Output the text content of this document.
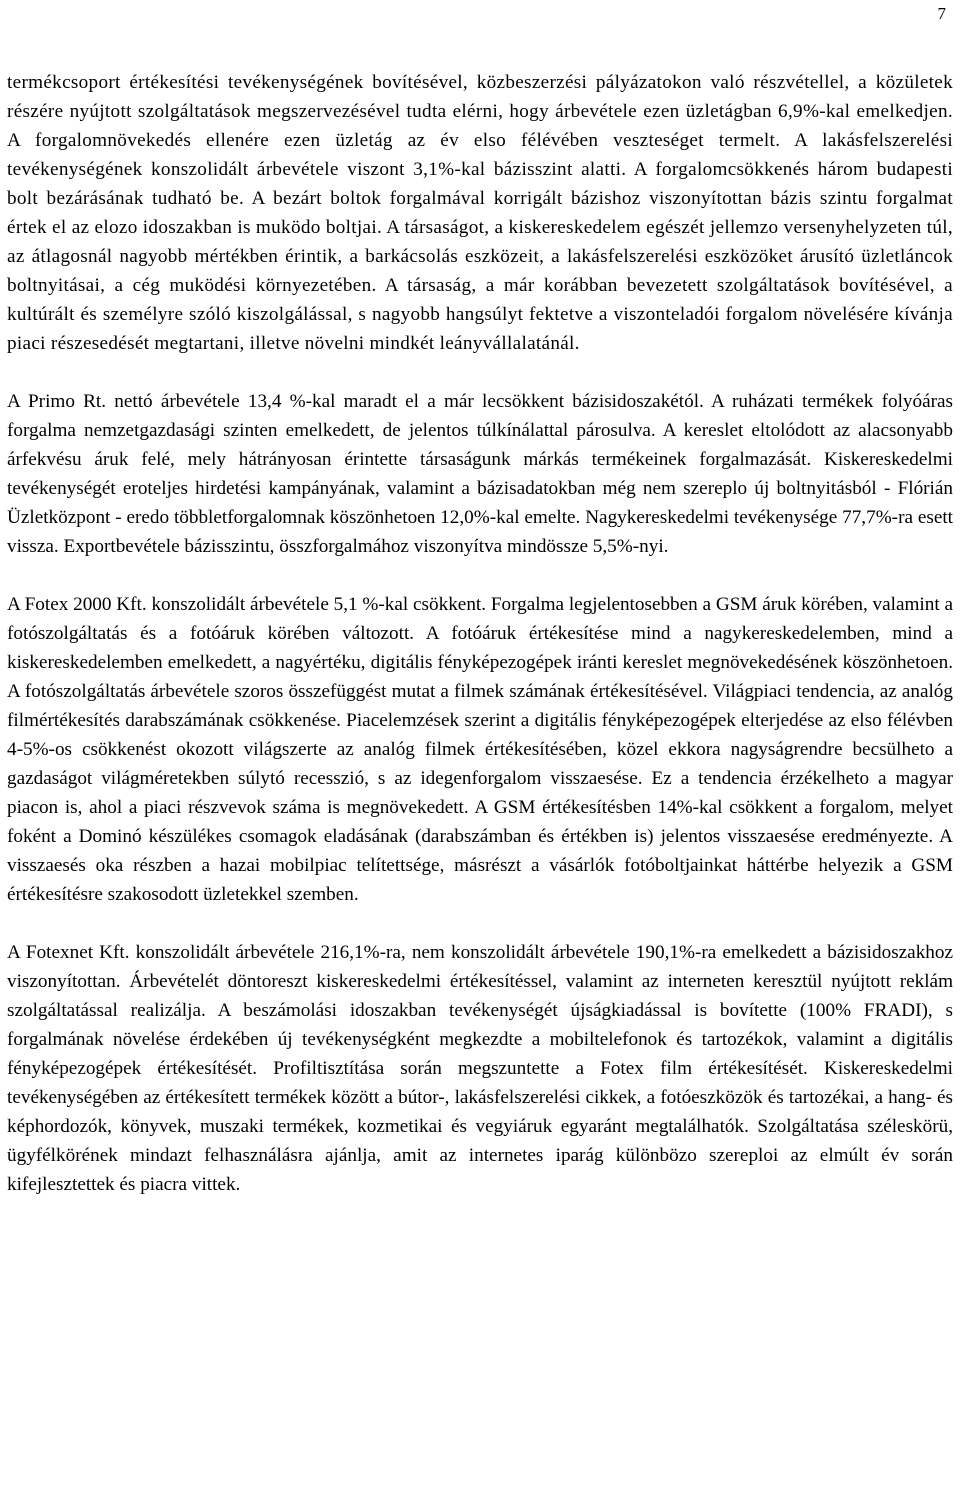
7

termékcsoport értékesítési tevékenységének bovítésével, közbeszerzési pályázatokon való részvétellel, a közületek részére nyújtott szolgáltatások megszervezésével tudta elérni, hogy árbevétele ezen üzletágban 6,9%-kal emelkedjen. A forgalomnövekedés ellenére ezen üzletág az év elso félévében veszteséget termelt. A lakásfelszerelési tevékenységének konszolidált árbevétele viszont 3,1%-kal bázisszint alatti. A forgalomcsökkenés három budapesti bolt bezárásának tudható be. A bezárt boltok forgalmával korrigált bázishoz viszonyítottan bázis szintu forgalmat értek el az elozo idoszakban is muködo boltjai. A társaságot, a kiskereskedelem egészét jellemzo versenyhelyzeten túl, az átlagosnál nagyobb mértékben érintik, a barkácsolás eszközeit, a lakásfelszerelési eszközöket árusító üzletláncok boltnyitásai, a cég muködési környezetében. A társaság, a már korábban bevezetett szolgáltatások bovítésével, a kultúrált és személyre szóló kiszolgálással, s nagyobb hangsúlyt fektetve a viszonteladói forgalom növelésére kívánja piaci részesedését megtartani, illetve növelni mindkét leányvállalatánál.

A Primo Rt. nettó árbevétele 13,4 %-kal maradt el a már lecsökkent bázisidoszakétól. A ruházati termékek folyóáras forgalma nemzetgazdasági szinten emelkedett, de jelentos túlkínálattal párosulva. A kereslet eltolódott az alacsonyabb árfekvésu áruk felé, mely hátrányosan érintette társaságunk márkás termékeinek forgalmazását. Kiskereskedelmi tevékenységét eroteljes hirdetési kampányának, valamint a bázisadatokban még nem szereplo új boltnyitásból - Flórián Üzletközpont - eredo többletforgalomnak köszönhetoen 12,0%-kal emelte. Nagykereskedelmi tevékenysége 77,7%-ra esett vissza. Exportbevétele bázisszintu, összforgalmához viszonyítva mindössze 5,5%-nyi.

A Fotex 2000 Kft. konszolidált árbevétele 5,1 %-kal csökkent. Forgalma legjelentosebben a GSM áruk körében, valamint a fotószolgáltatás és a fotóáruk körében változott. A fotóáruk értékesítése mind a nagykereskedelemben, mind a kiskereskedelemben emelkedett, a nagyértéku, digitális fényképezogépek iránti kereslet megnövekedésének köszönhetoen. A fotószolgáltatás árbevétele szoros összefüggést mutat a filmek számának értékesítésével. Világpiaci tendencia, az analóg filmértékesítés darabszámának csökkenése. Piacelemzések szerint a digitális fényképezogépek elterjedése az elso félévben 4-5%-os csökkenést okozott világszerte az analóg filmek értékesítésében, közel ekkora nagyságrendre becsülheto a gazdaságot világméretekben súlytó recesszió, s az idegenforgalom visszaesése. Ez a tendencia érzékelheto a magyar piacon is, ahol a piaci részvevok száma is megnövekedett. A GSM értékesítésben 14%-kal csökkent a forgalom, melyet foként a Dominó készülékes csomagok eladásának (darabszámban és értékben is) jelentos visszaesése eredményezte. A visszaesés oka részben a hazai mobilpiac telítettsége, másrészt a vásárlók fotóboltjainkat háttérbe helyezik a GSM értékesítésre szakosodott üzletekkel szemben.

A Fotexnet Kft. konszolidált árbevétele 216,1%-ra, nem konszolidált árbevétele 190,1%-ra emelkedett a bázisidoszakhoz viszonyítottan. Árbevételét döntoreszt kiskereskedelmi értékesítéssel, valamint az interneten keresztül nyújtott reklám szolgáltatással realizálja. A beszámolási idoszakban tevékenységét újságkiadással is bovítette (100% FRADI), s forgalmának növelése érdekében új tevékenységként megkezdte a mobiltelefonok és tartozékok, valamint a digitális fényképezogépek értékesítését. Profiltisztítása során megszuntette a Fotex film értékesítését. Kiskereskedelmi tevékenységében az értékesített termékek között a bútor-, lakásfelszerelési cikkek, a fotóeszközök és tartozékai, a hang- és képhordozók, könyvek, muszaki termékek, kozmetikai és vegyiáruk egyaránt megtalálhatók. Szolgáltatása széleskörü, ügyfélkörének mindazt felhasználásra ajánlja, amit az internetes iparág különbözo szereploi az elmúlt év során kifejlesztettek és piacra vittek.
